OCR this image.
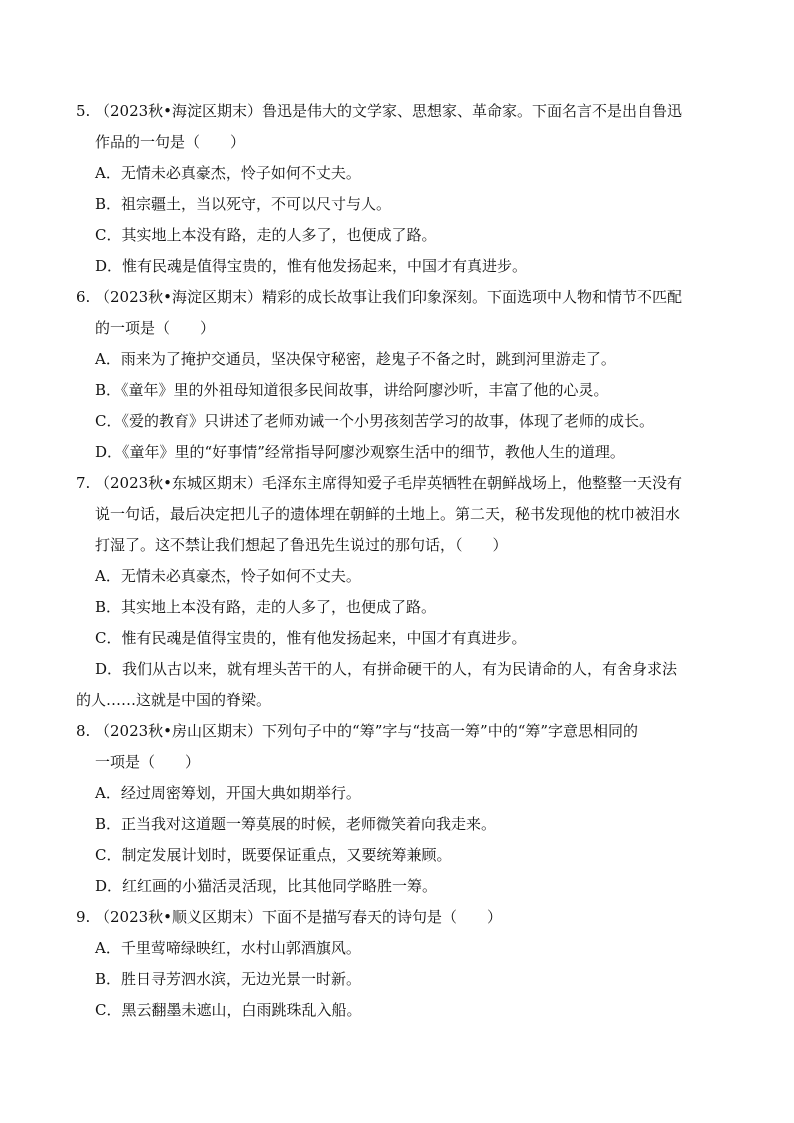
5. （2023秋•海淀区期末）鲁迅是伟大的文学家、思想家、革命家。下面名言不是出自鲁迅
作品的一句是（　　）
A．无情未必真豪杰，怜子如何不丈夫。
B．祖宗疆土，当以死守，不可以尺寸与人。
C．其实地上本没有路，走的人多了，也便成了路。
D．惟有民魂是值得宝贵的，惟有他发扬起来，中国才有真进步。
6. （2023秋•海淀区期末）精彩的成长故事让我们印象深刻。下面选项中人物和情节不匹配
的一项是（　　）
A．雨来为了掩护交通员，坚决保守秘密，趁鬼子不备之时，跳到河里游走了。
B．《童年》里的外祖母知道很多民间故事，讲给阿廖沙听，丰富了他的心灵。
C．《爱的教育》只讲述了老师劝诫一个小男孩刻苦学习的故事，体现了老师的成长。
D．《童年》里的“好事情”经常指导阿廖沙观察生活中的细节，教他人生的道理。
7. （2023秋•东城区期末）毛泽东主席得知爱子毛岸英牺牲在朝鲜战场上，他整整一天没有
说一句话，最后决定把儿子的遗体埋在朝鲜的土地上。第二天，秘书发现他的枕巾被泪水
打湿了。这不禁让我们想起了鲁迅先生说过的那句话，（　　）
A．无情未必真豪杰，怜子如何不丈夫。
B．其实地上本没有路，走的人多了，也便成了路。
C．惟有民魂是值得宝贵的，惟有他发扬起来，中国才有真进步。
D．我们从古以来，就有埋头苦干的人，有拼命硬干的人，有为民请命的人，有舍身求法
的人……这就是中国的脊梁。
8. （2023秋•房山区期末）下列句子中的“筹”字与“技高一筹”中的“筹”字意思相同的
一项是（　　）
A．经过周密筹划，开国大典如期举行。
B．正当我对这道题一筹莫展的时候，老师微笑着向我走来。
C．制定发展计划时，既要保证重点，又要统筹兼顾。
D．红红画的小猫活灵活现，比其他同学略胜一筹。
9. （2023秋•顺义区期末）下面不是描写春天的诗句是（　　）
A．千里莺啼绿映红，水村山郭酒旗风。
B．胜日寻芳泗水滨，无边光景一时新。
C．黑云翻墨未遮山，白雨跳珠乱入船。
